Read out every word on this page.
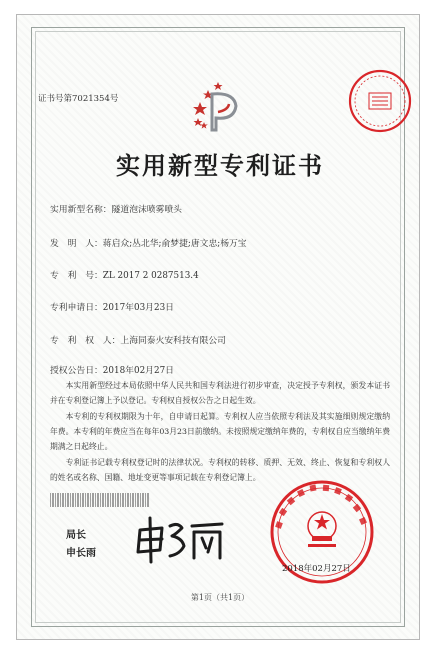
证书号第7021354号
实用新型专利证书
实用新型名称：隧道泡沫喷雾喷头
发　明　人：蒋启众;丛北华;俞梦捷;唐文忠;杨万宝
专　利　号：ZL 2017 2 0287513.4
专利申请日：2017年03月23日
专　利　权　人：上海同泰火安科技有限公司
授权公告日：2018年02月27日

本实用新型经过本局依照中华人民共和国专利法进行初步审查，决定授予专利权，颁发本证书并在专利登记簿上予以登记。专利权自授权公告之日起生效。

本专利的专利权期限为十年，自申请日起算。专利权人应当依照专利法及其实施细则规定缴纳年费。本专利的年费应当在每年03月23日前缴纳。未按照规定缴纳年费的，专利权自应当缴纳年费期满之日起终止。

专利证书记载专利权登记时的法律状况。专利权的转移、质押、无效、终止、恢复和专利权人的姓名或名称、国籍、地址变更等事项记载在专利登记簿上。

局长
申长雨
2018年02月27日
第1页（共1页）
